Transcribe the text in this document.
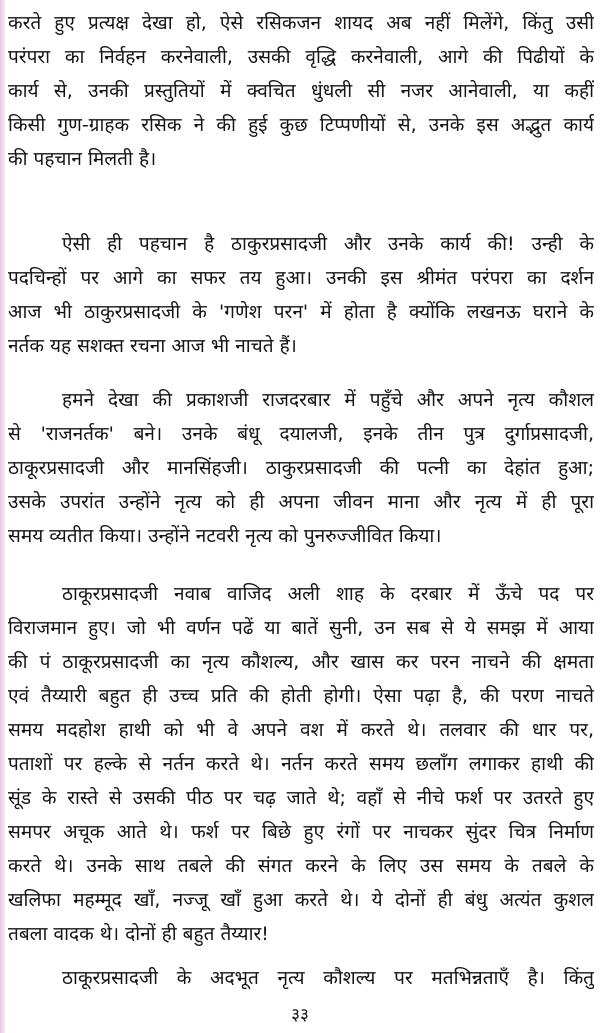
करते हुए प्रत्यक्ष देखा हो, ऐसे रसिकजन शायद अब नहीं मिलेंगे, किंतु उसी
परंपरा का निर्वहन करनेवाली, उसकी वृद्धि करनेवाली, आगे की पिढीयों के
कार्य से, उनकी प्रस्तुतियों में क्वचित धुंधली सी नजर आनेवाली, या कहीं
किसी गुण-ग्राहक रसिक ने की हुई कुछ टिप्पणीयों से, उनके इस अद्भुत कार्य
की पहचान मिलती है।
ऐसी ही पहचान है ठाकुरप्रसादजी और उनके कार्य की! उन्ही के
पदचिन्हों पर आगे का सफर तय हुआ। उनकी इस श्रीमंत परंपरा का दर्शन
आज भी ठाकुरप्रसादजी के 'गणेश परन' में होता है क्योंकि लखनऊ घराने के
नर्तक यह सशक्त रचना आज भी नाचते हैं।
हमने देखा की प्रकाशजी राजदरबार में पहुँचे और अपने नृत्य कौशल
से 'राजनर्तक' बने। उनके बंधू दयालजी, इनके तीन पुत्र दुर्गाप्रसादजी,
ठाकूरप्रसादजी और मानसिंहजी। ठाकुरप्रसादजी की पत्नी का देहांत हुआ;
उसके उपरांत उन्होंने नृत्य को ही अपना जीवन माना और नृत्य में ही पूरा
समय व्यतीत किया। उन्होंने नटवरी नृत्य को पुनरुज्जीवित किया।
ठाकूरप्रसादजी नवाब वाजिद अली शाह के दरबार में ऊँचे पद पर
विराजमान हुए। जो भी वर्णन पढें या बातें सुनी, उन सब से ये समझ में आया
की पं ठाकूरप्रसादजी का नृत्य कौशल्य, और खास कर परन नाचने की क्षमता
एवं तैय्यारी बहुत ही उच्च प्रति की होती होगी। ऐसा पढ़ा है, की परण नाचते
समय मदहोश हाथी को भी वे अपने वश में करते थे। तलवार की धार पर,
पताशों पर हल्के से नर्तन करते थे। नर्तन करते समय छलाँग लगाकर हाथी की
सूंड के रास्ते से उसकी पीठ पर चढ़ जाते थे; वहाँ से नीचे फर्श पर उतरते हुए
समपर अचूक आते थे। फर्श पर बिछे हुए रंगों पर नाचकर सुंदर चित्र निर्माण
करते थे। उनके साथ तबले की संगत करने के लिए उस समय के तबले के
खलिफा महम्मूद खाँ, नज्जू खाँ हुआ करते थे। ये दोनों ही बंधु अत्यंत कुशल
तबला वादक थे। दोनों ही बहुत तैय्यार!
ठाकूरप्रसादजी के अदभूत नृत्य कौशल्य पर मतभिन्नताएँ है। किंतु
३३
